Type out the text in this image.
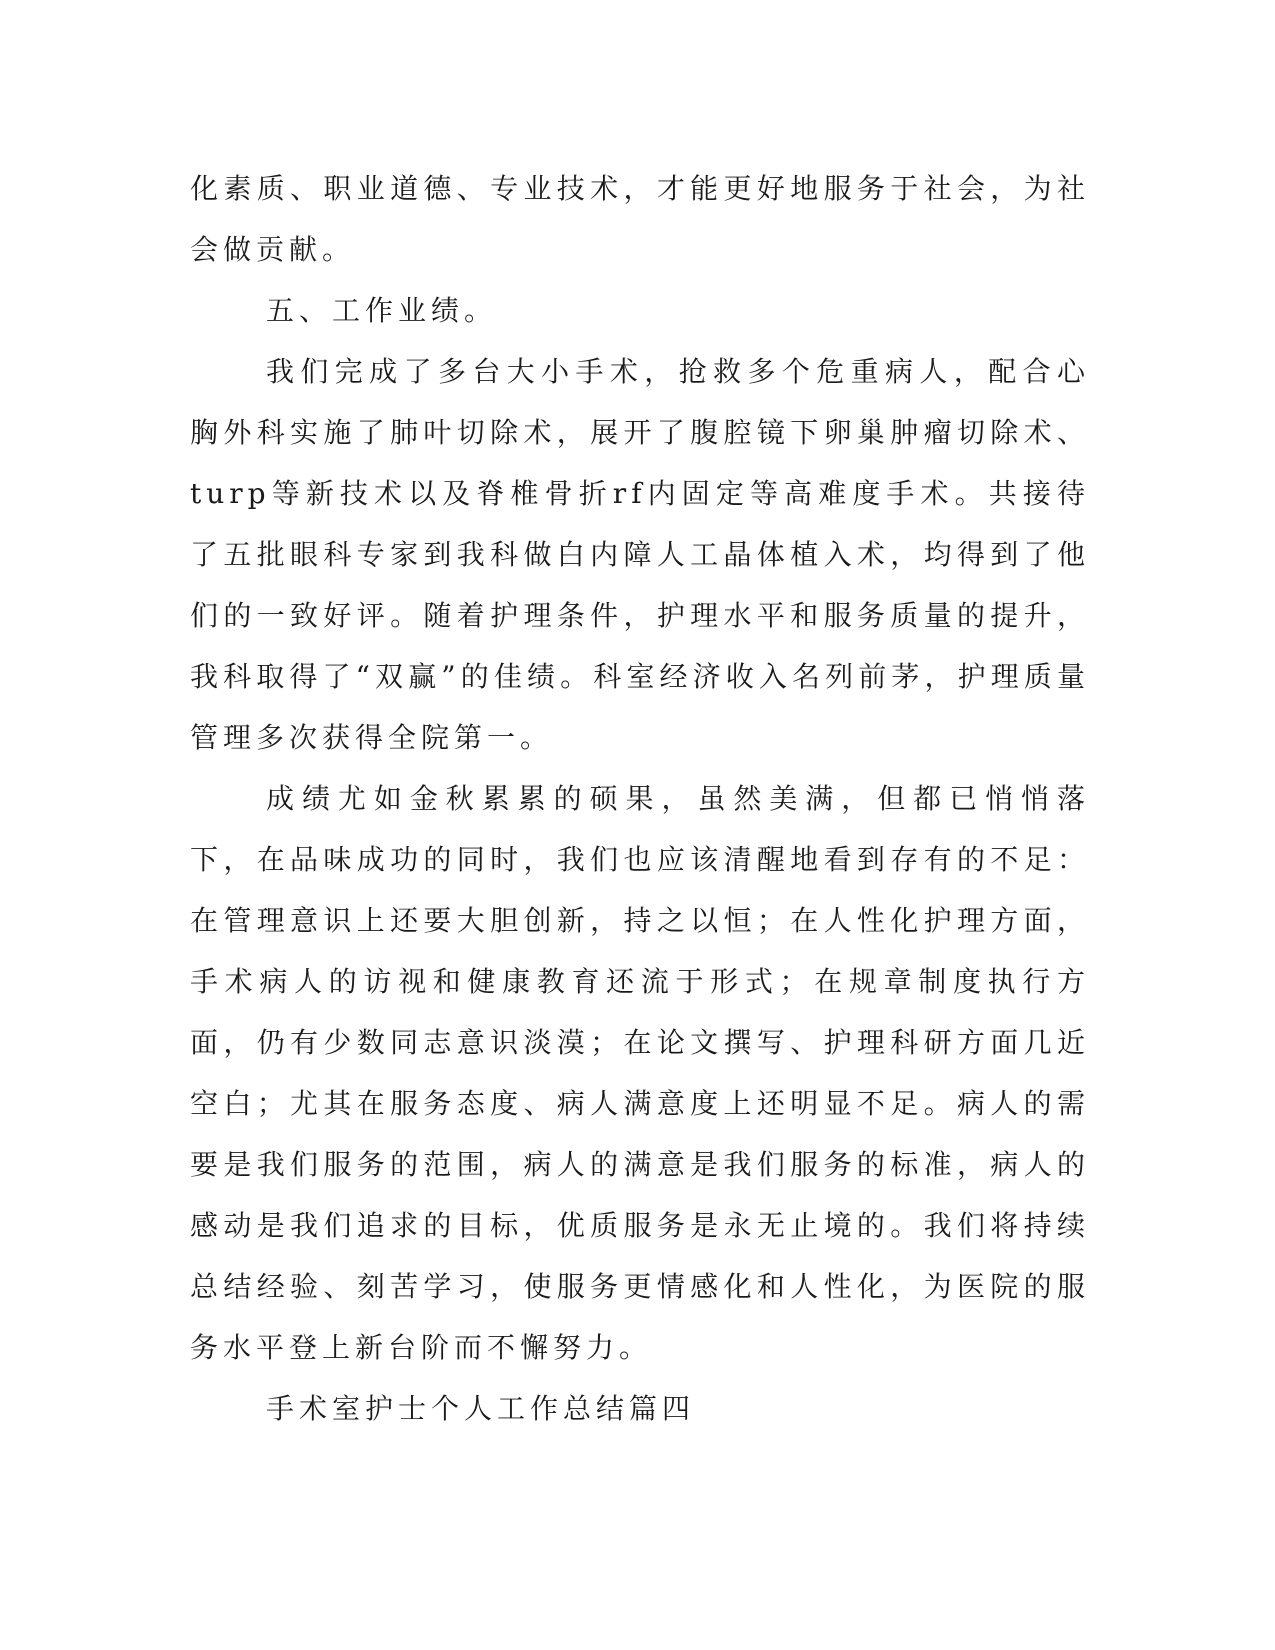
化素质、职业道德、专业技术，才能更好地服务于社会，为社会做贡献。

五、工作业绩。

我们完成了多台大小手术，抢救多个危重病人，配合心胸外科实施了肺叶切除术，展开了腹腔镜下卵巢肿瘤切除术、turp等新技术以及脊椎骨折rf内固定等高难度手术。共接待了五批眼科专家到我科做白内障人工晶体植入术，均得到了他们的一致好评。随着护理条件，护理水平和服务质量的提升，我科取得了“双赢”的佳绩。科室经济收入名列前茅，护理质量管理多次获得全院第一。

成绩尤如金秋累累的硕果，虽然美满，但都已悄悄落下，在品味成功的同时，我们也应该清醒地看到存有的不足：在管理意识上还要大胆创新，持之以恒；在人性化护理方面，手术病人的访视和健康教育还流于形式；在规章制度执行方面，仍有少数同志意识淡漠；在论文撰写、护理科研方面几近空白；尤其在服务态度、病人满意度上还明显不足。病人的需要是我们服务的范围，病人的满意是我们服务的标准，病人的感动是我们追求的目标，优质服务是永无止境的。我们将持续总结经验、刻苦学习，使服务更情感化和人性化，为医院的服务水平登上新台阶而不懈努力。

手术室护士个人工作总结篇四
